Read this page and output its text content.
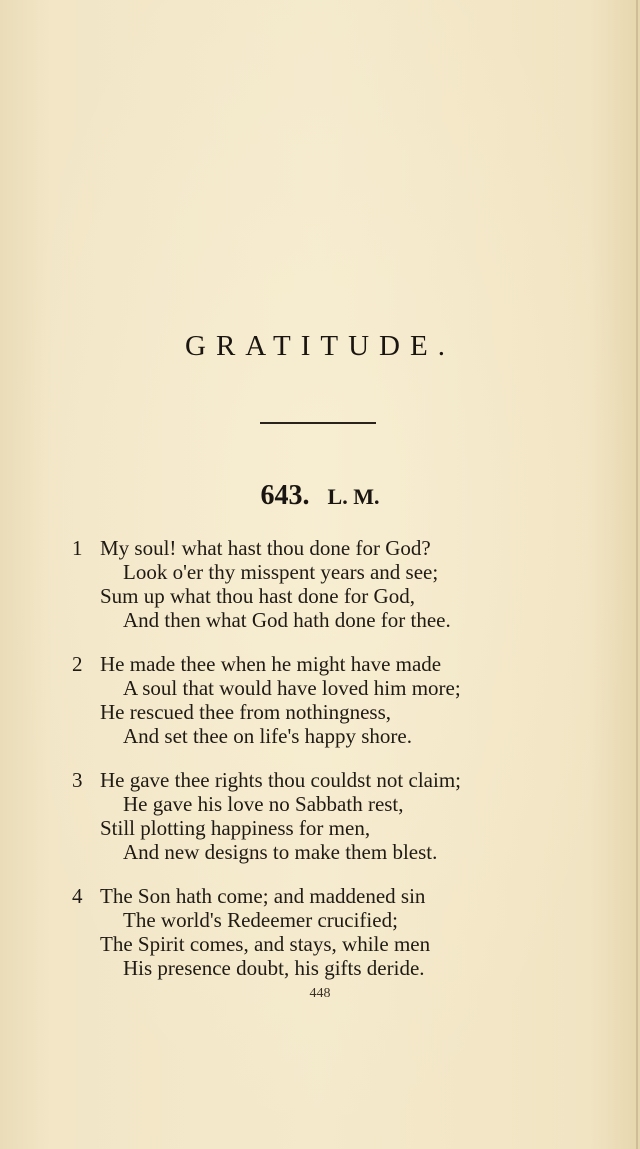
GRATITUDE.
643. L. M.
1 My soul! what hast thou done for God?
Look o'er thy misspent years and see;
Sum up what thou hast done for God,
And then what God hath done for thee.
2 He made thee when he might have made
A soul that would have loved him more;
He rescued thee from nothingness,
And set thee on life's happy shore.
3 He gave thee rights thou couldst not claim;
He gave his love no Sabbath rest,
Still plotting happiness for men,
And new designs to make them blest.
4 The Son hath come; and maddened sin
The world's Redeemer crucified;
The Spirit comes, and stays, while men
His presence doubt, his gifts deride.
448
